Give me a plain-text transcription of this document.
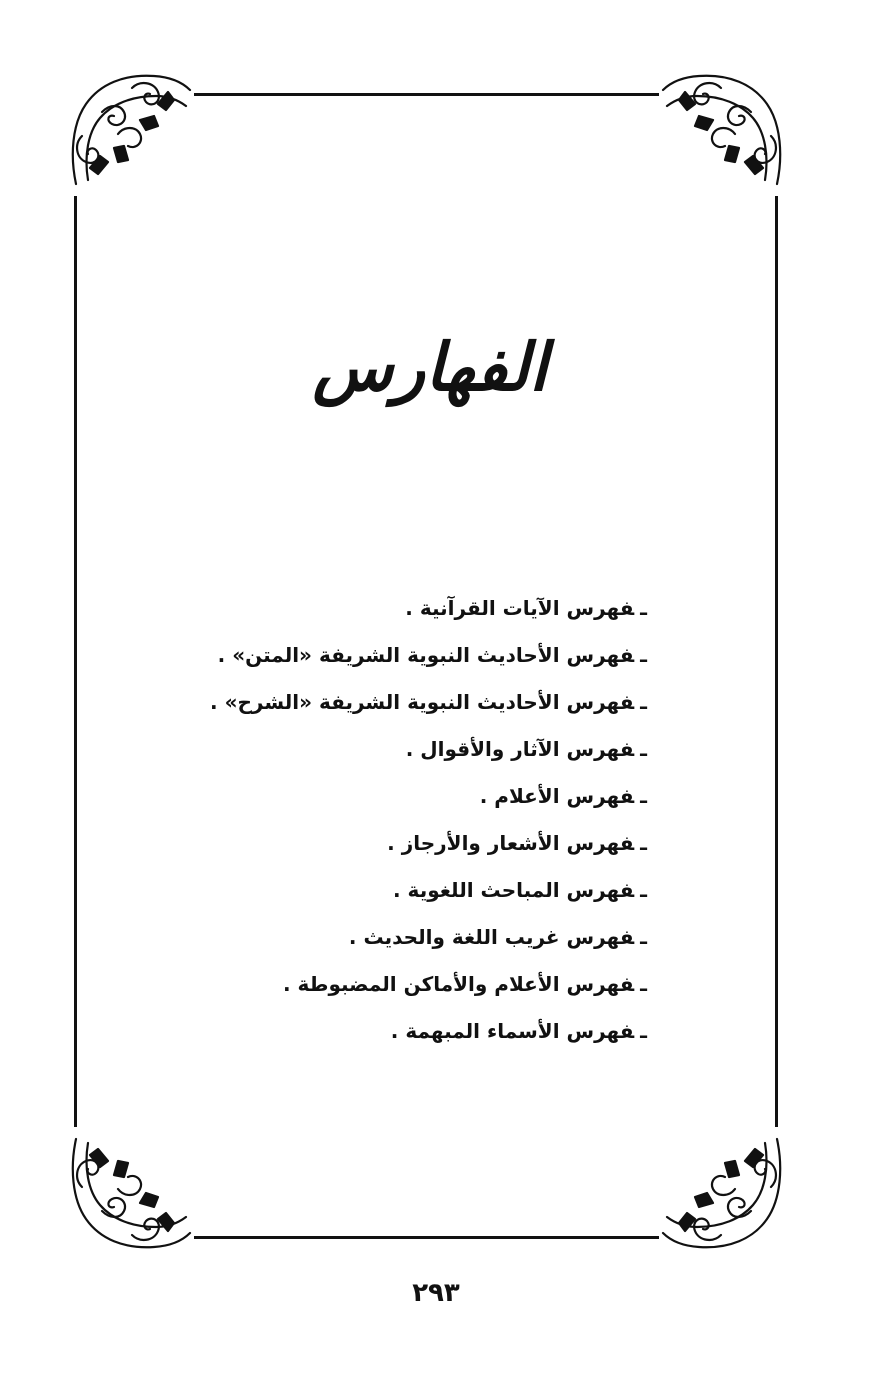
الفهارس
ـفهرس الآيات القرآنية .
ـفهرس الأحاديث النبوية الشريفة «المتن» .
ـفهرس الأحاديث النبوية الشريفة «الشرح» .
ـفهرس الآثار والأقوال .
ـفهرس الأعلام .
ـفهرس الأشعار والأرجاز .
ـفهرس المباحث اللغوية .
ـفهرس غريب اللغة والحديث .
ـفهرس الأعلام والأماكن المضبوطة .
ـفهرس الأسماء المبهمة .
٢٩٣
